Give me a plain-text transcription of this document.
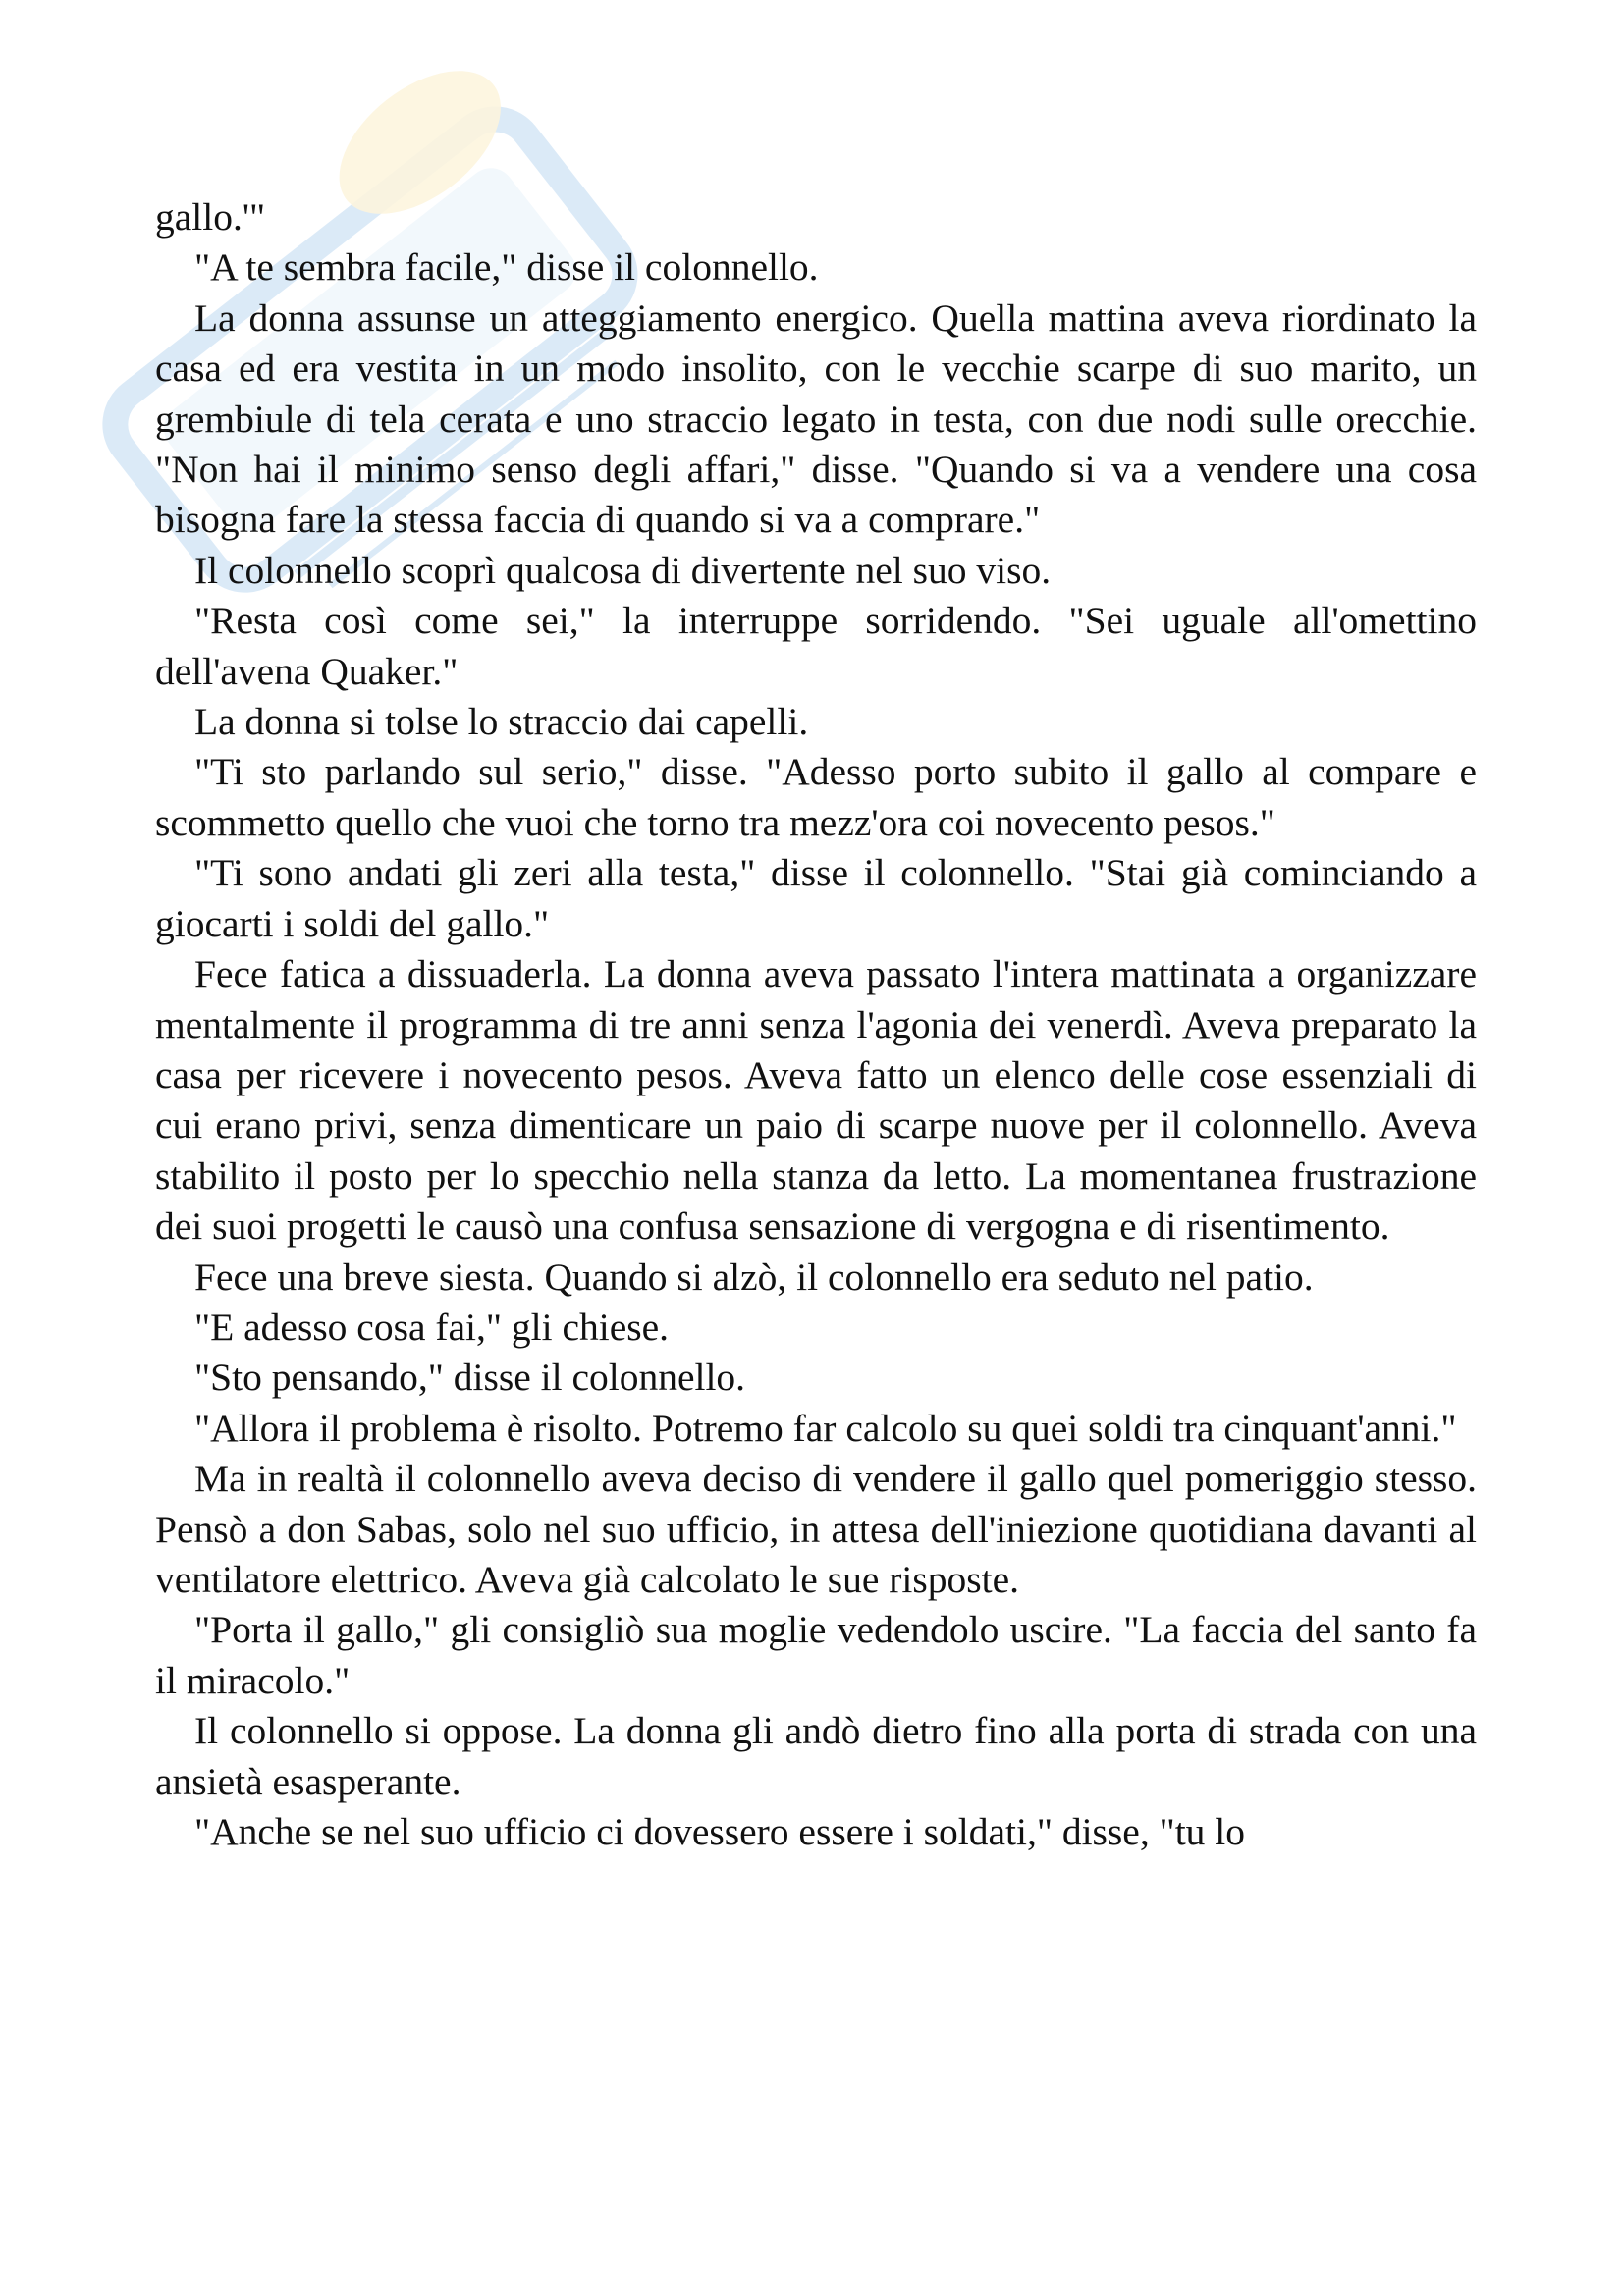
gallo.'"

"A te sembra facile," disse il colonnello.

La donna assunse un atteggiamento energico. Quella mattina aveva riordinato la casa ed era vestita in un modo insolito, con le vecchie scarpe di suo marito, un grembiule di tela cerata e uno straccio legato in testa, con due nodi sulle orecchie. "Non hai il minimo senso degli affari," disse. "Quando si va a vendere una cosa bisogna fare la stessa faccia di quando si va a comprare."

Il colonnello scoprì qualcosa di divertente nel suo viso.

"Resta così come sei," la interruppe sorridendo. "Sei uguale all'omettino dell'avena Quaker."

La donna si tolse lo straccio dai capelli.

"Ti sto parlando sul serio," disse. "Adesso porto subito il gallo al compare e scommetto quello che vuoi che torno tra mezz'ora coi novecento pesos."

"Ti sono andati gli zeri alla testa," disse il colonnello. "Stai già cominciando a giocarti i soldi del gallo."

Fece fatica a dissuaderla. La donna aveva passato l'intera mattinata a organizzare mentalmente il programma di tre anni senza l'agonia dei venerdì. Aveva preparato la casa per ricevere i novecento pesos. Aveva fatto un elenco delle cose essenziali di cui erano privi, senza dimenticare un paio di scarpe nuove per il colonnello. Aveva stabilito il posto per lo specchio nella stanza da letto. La momentanea frustrazione dei suoi progetti le causò una confusa sensazione di vergogna e di risentimento.

Fece una breve siesta. Quando si alzò, il colonnello era seduto nel patio.

"E adesso cosa fai," gli chiese.

"Sto pensando," disse il colonnello.

"Allora il problema è risolto. Potremo far calcolo su quei soldi tra cinquant'anni."

Ma in realtà il colonnello aveva deciso di vendere il gallo quel pomeriggio stesso. Pensò a don Sabas, solo nel suo ufficio, in attesa dell'iniezione quotidiana davanti al ventilatore elettrico. Aveva già calcolato le sue risposte.

"Porta il gallo," gli consigliò sua moglie vedendolo uscire. "La faccia del santo fa il miracolo."

Il colonnello si oppose. La donna gli andò dietro fino alla porta di strada con una ansietà esasperante.

"Anche se nel suo ufficio ci dovessero essere i soldati," disse, "tu lo
